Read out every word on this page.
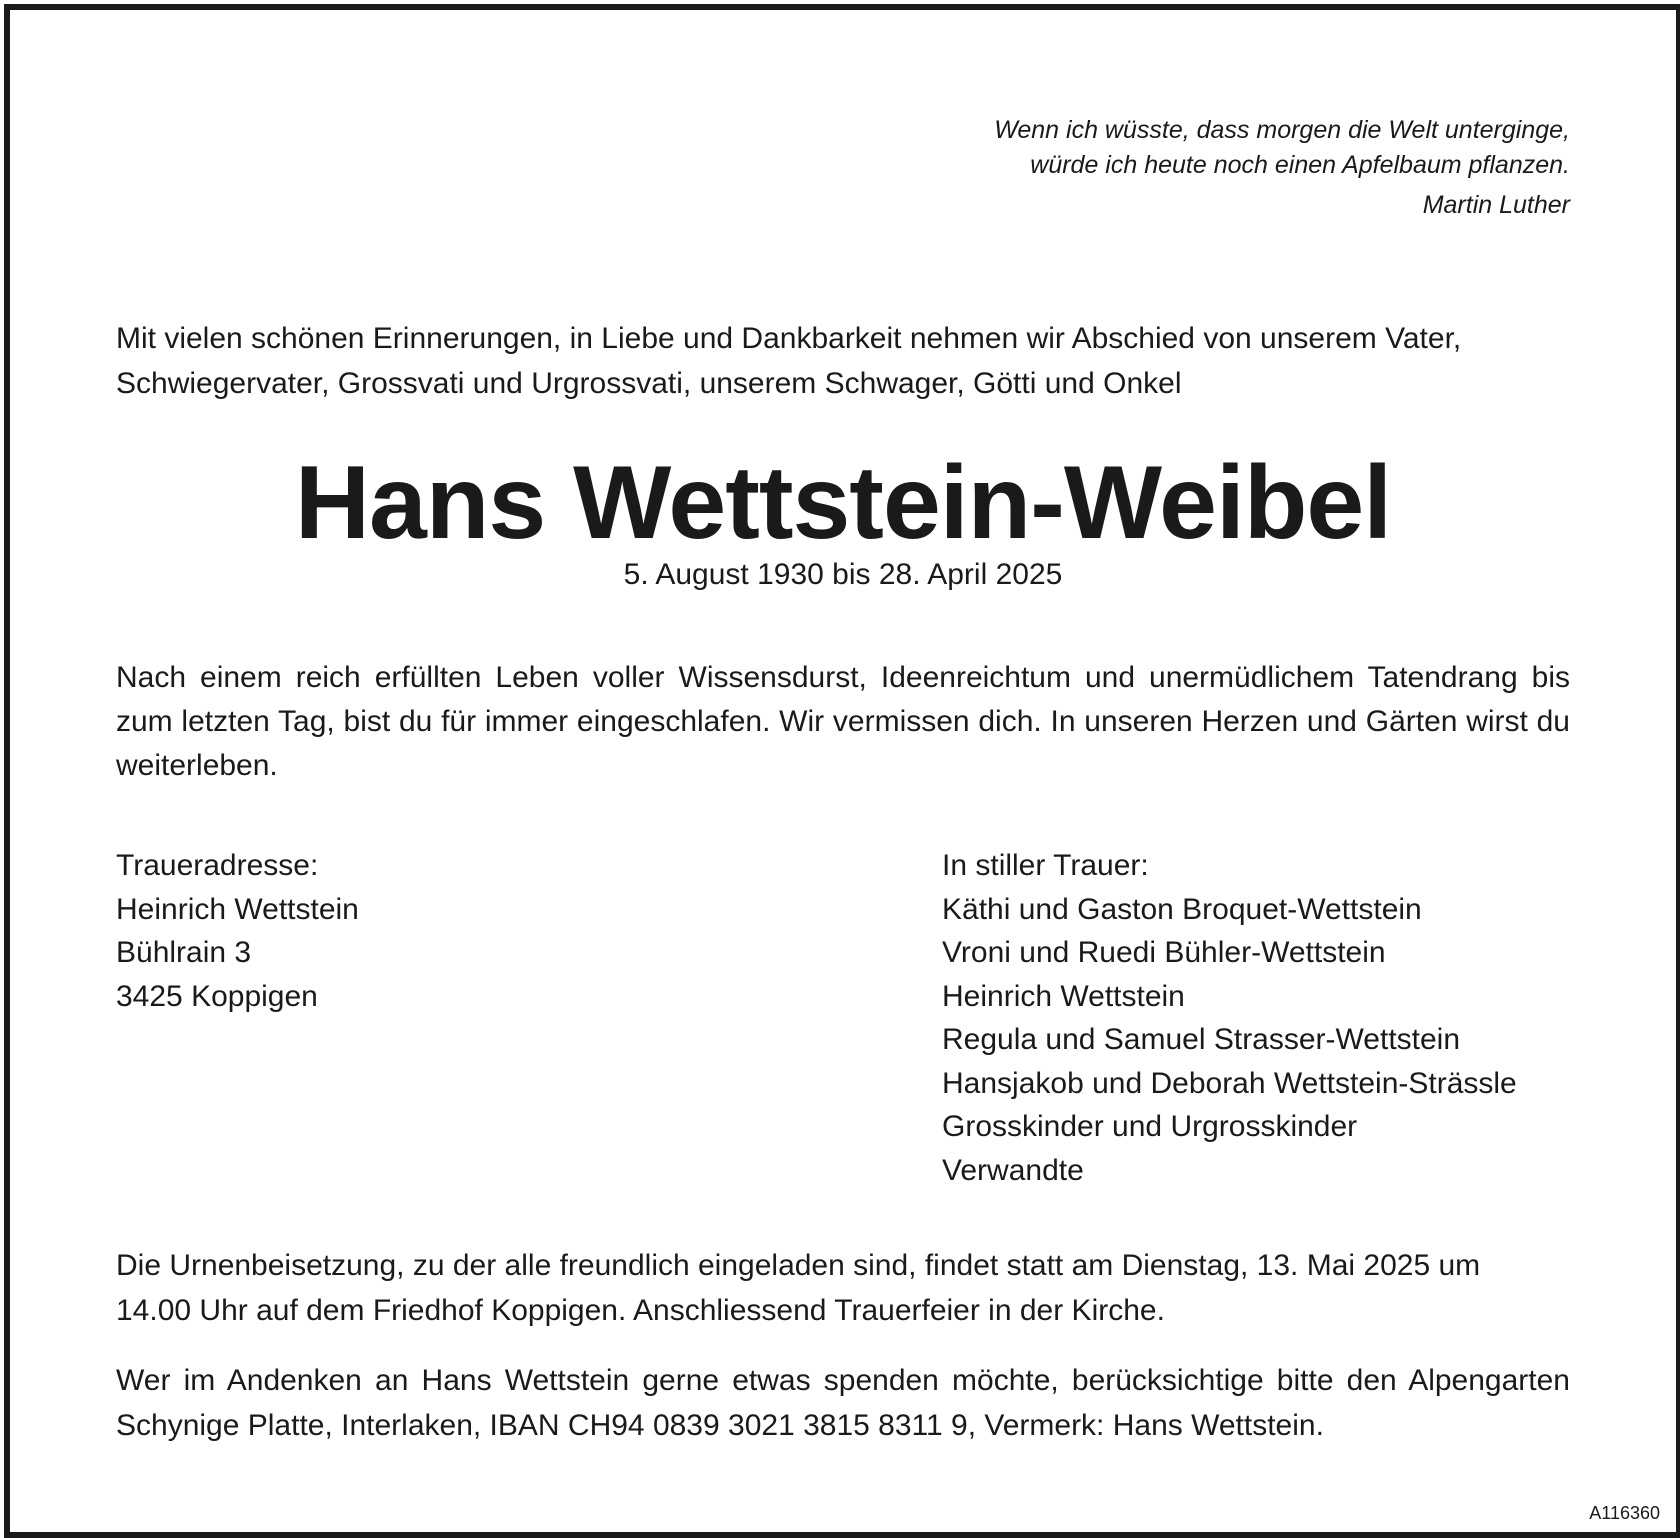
Wenn ich wüsste, dass morgen die Welt unterginge,
würde ich heute noch einen Apfelbaum pflanzen.
Martin Luther
Mit vielen schönen Erinnerungen, in Liebe und Dankbarkeit nehmen wir Abschied von unserem Vater,
Schwiegervater, Grossvati und Urgrossvati, unserem Schwager, Götti und Onkel
Hans Wettstein-Weibel
5. August 1930 bis 28. April 2025

Nach einem reich erfüllten Leben voller Wissensdurst, Ideenreichtum und unermüdlichem Tatendrang bis zum letzten Tag, bist du für immer eingeschlafen. Wir vermissen dich. In unseren Herzen und Gärten wirst du weiterleben.

Traueradresse:
Heinrich Wettstein
Bühlrain 3
3425 Koppigen
In stiller Trauer:
Käthi und Gaston Broquet-Wettstein
Vroni und Ruedi Bühler-Wettstein
Heinrich Wettstein
Regula und Samuel Strasser-Wettstein
Hansjakob und Deborah Wettstein-Strässle
Grosskinder und Urgrosskinder
Verwandte
Die Urnenbeisetzung, zu der alle freundlich eingeladen sind, findet statt am Dienstag, 13. Mai 2025 um
14.00 Uhr auf dem Friedhof Koppigen. Anschliessend Trauerfeier in der Kirche.

Wer im Andenken an Hans Wettstein gerne etwas spenden möchte, berücksichtige bitte den Alpengarten Schynige Platte, Interlaken, IBAN CH94 0839 3021 3815 8311 9, Vermerk: Hans Wettstein.

A116360
